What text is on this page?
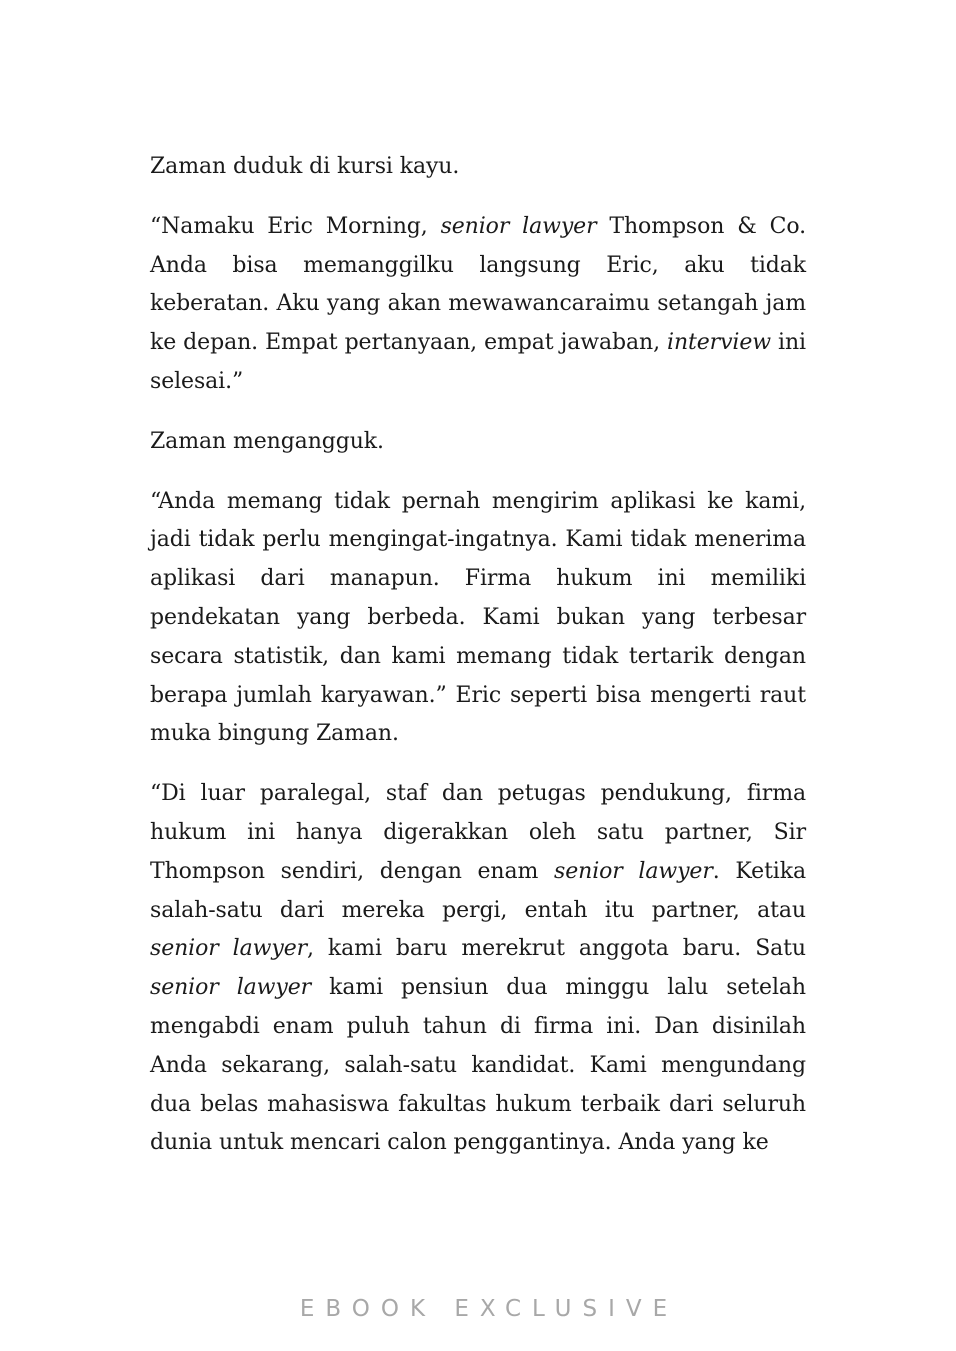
Zaman duduk di kursi kayu.

“Namaku Eric Morning, senior lawyer Thompson & Co. Anda bisa memanggilku langsung Eric, aku tidak keberatan. Aku yang akan mewawancaraimu setangah jam ke depan. Empat pertanyaan, empat jawaban, interview ini selesai.”

Zaman mengangguk.

“Anda memang tidak pernah mengirim aplikasi ke kami, jadi tidak perlu mengingat-ingatnya. Kami tidak menerima aplikasi dari manapun. Firma hukum ini memiliki pendekatan yang berbeda. Kami bukan yang terbesar secara statistik, dan kami memang tidak tertarik dengan berapa jumlah karyawan.” Eric seperti bisa mengerti raut muka bingung Zaman.

“Di luar paralegal, staf dan petugas pendukung, firma hukum ini hanya digerakkan oleh satu partner, Sir Thompson sendiri, dengan enam senior lawyer. Ketika salah-satu dari mereka pergi, entah itu partner, atau senior lawyer, kami baru merekrut anggota baru. Satu senior lawyer kami pensiun dua minggu lalu setelah mengabdi enam puluh tahun di firma ini. Dan disinilah Anda sekarang, salah-satu kandidat. Kami mengundang dua belas mahasiswa fakultas hukum terbaik dari seluruh dunia untuk mencari calon penggantinya. Anda yang ke

EBOOK EXCLUSIVE
